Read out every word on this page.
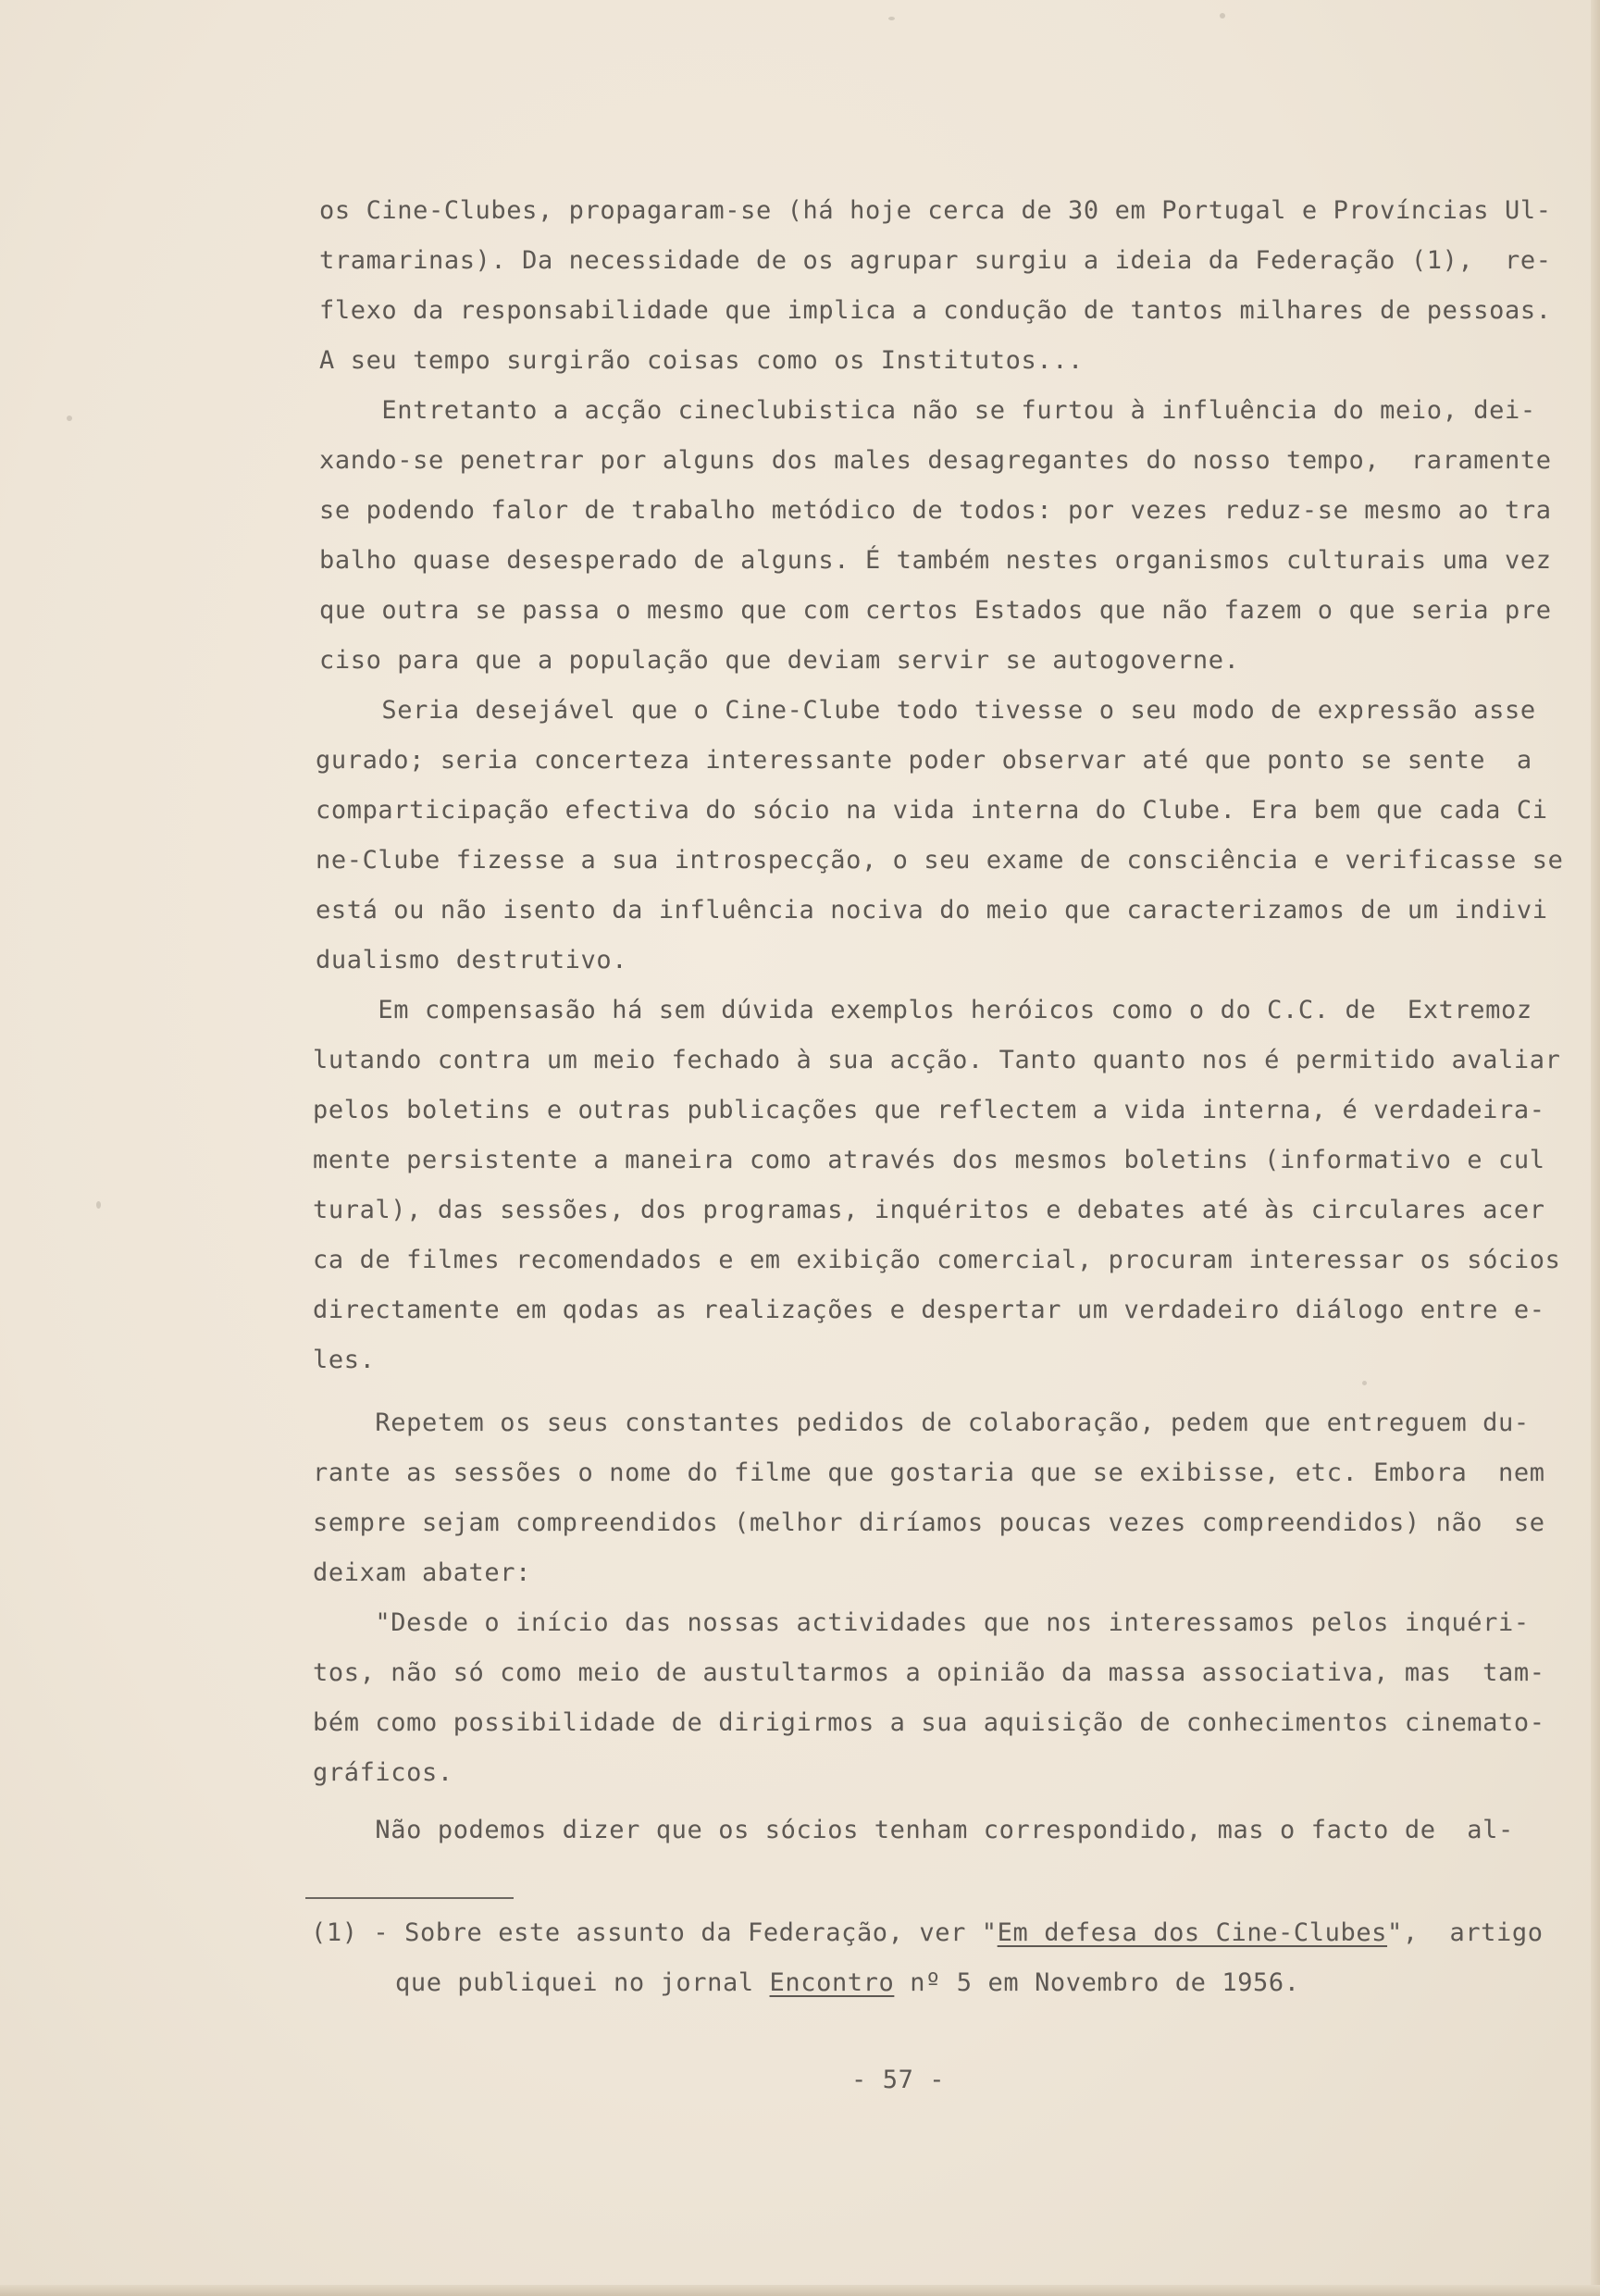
os Cine-Clubes, propagaram-se (há hoje cerca de 30 em Portugal e Províncias Ul-
tramarinas). Da necessidade de os agrupar surgiu a ideia da Federação (1),  re-
flexo da responsabilidade que implica a condução de tantos milhares de pessoas.
A seu tempo surgirão coisas como os Institutos...
Entretanto a acção cineclubistica não se furtou à influência do meio, dei-
xando-se penetrar por alguns dos males desagregantes do nosso tempo,  raramente
se podendo falor de trabalho metódico de todos: por vezes reduz-se mesmo ao tra
balho quase desesperado de alguns. É também nestes organismos culturais uma vez
que outra se passa o mesmo que com certos Estados que não fazem o que seria pre
ciso para que a população que deviam servir se autogoverne.
Seria desejável que o Cine-Clube todo tivesse o seu modo de expressão asse
gurado; seria concerteza interessante poder observar até que ponto se sente  a
comparticipação efectiva do sócio na vida interna do Clube. Era bem que cada Ci
ne-Clube fizesse a sua introspecção, o seu exame de consciência e verificasse se
está ou não isento da influência nociva do meio que caracterizamos de um indivi
dualismo destrutivo.
Em compensasão há sem dúvida exemplos heróicos como o do C.C. de  Extremoz
lutando contra um meio fechado à sua acção. Tanto quanto nos é permitido avaliar
pelos boletins e outras publicações que reflectem a vida interna, é verdadeira-
mente persistente a maneira como através dos mesmos boletins (informativo e cul
tural), das sessões, dos programas, inquéritos e debates até às circulares acer
ca de filmes recomendados e em exibição comercial, procuram interessar os sócios
directamente em qodas as realizações e despertar um verdadeiro diálogo entre e-
les.
Repetem os seus constantes pedidos de colaboração, pedem que entreguem du-
rante as sessões o nome do filme que gostaria que se exibisse, etc. Embora  nem
sempre sejam compreendidos (melhor diríamos poucas vezes compreendidos) não  se
deixam abater:
"Desde o início das nossas actividades que nos interessamos pelos inquéri-
tos, não só como meio de austultarmos a opinião da massa associativa, mas  tam-
bém como possibilidade de dirigirmos a sua aquisição de conhecimentos cinemato-
gráficos.
Não podemos dizer que os sócios tenham correspondido, mas o facto de  al-
(1) - Sobre este assunto da Federação, ver "Em defesa dos Cine-Clubes",  artigo
que publiquei no jornal Encontro nº 5 em Novembro de 1956.
- 57 -
